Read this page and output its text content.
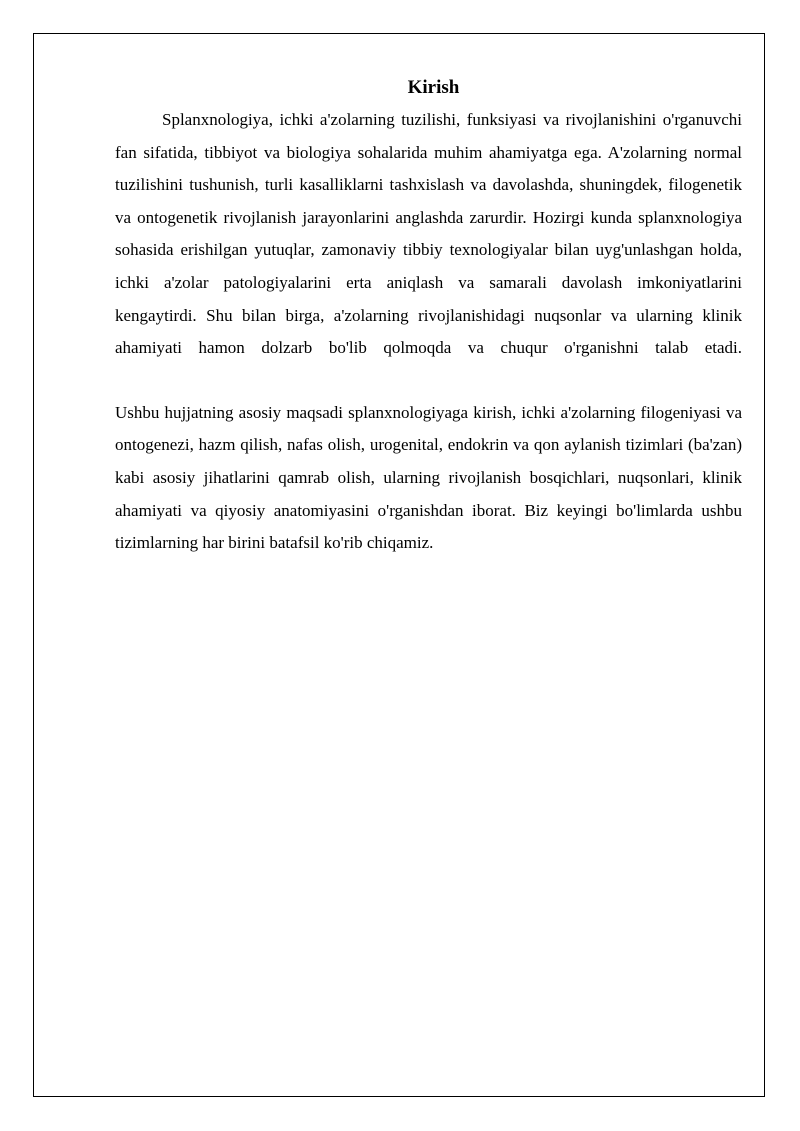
Kirish

Splanxnologiya, ichki a'zolarning tuzilishi, funksiyasi va rivojlanishini o'rganuvchi fan sifatida, tibbiyot va biologiya sohalarida muhim ahamiyatga ega. A'zolarning normal tuzilishini tushunish, turli kasalliklarni tashxislash va davolashda, shuningdek, filogenetik va ontogenetik rivojlanish jarayonlarini anglashda zarurdir. Hozirgi kunda splanxnologiya sohasida erishilgan yutuqlar, zamonaviy tibbiy texnologiyalar bilan uyg'unlashgan holda, ichki a'zolar patologiyalarini erta aniqlash va samarali davolash imkoniyatlarini kengaytirdi. Shu bilan birga, a'zolarning rivojlanishidagi nuqsonlar va ularning klinik ahamiyati hamon dolzarb bo'lib qolmoqda va chuqur o'rganishni talab etadi.

Ushbu hujjatning asosiy maqsadi splanxnologiyaga kirish, ichki a'zolarning filogeniyasi va ontogenezi, hazm qilish, nafas olish, urogenital, endokrin va qon aylanish tizimlari (ba'zan) kabi asosiy jihatlarini qamrab olish, ularning rivojlanish bosqichlari, nuqsonlari, klinik ahamiyati va qiyosiy anatomiyasini o'rganishdan iborat. Biz keyingi bo'limlarda ushbu tizimlarning har birini batafsil ko'rib chiqamiz.
